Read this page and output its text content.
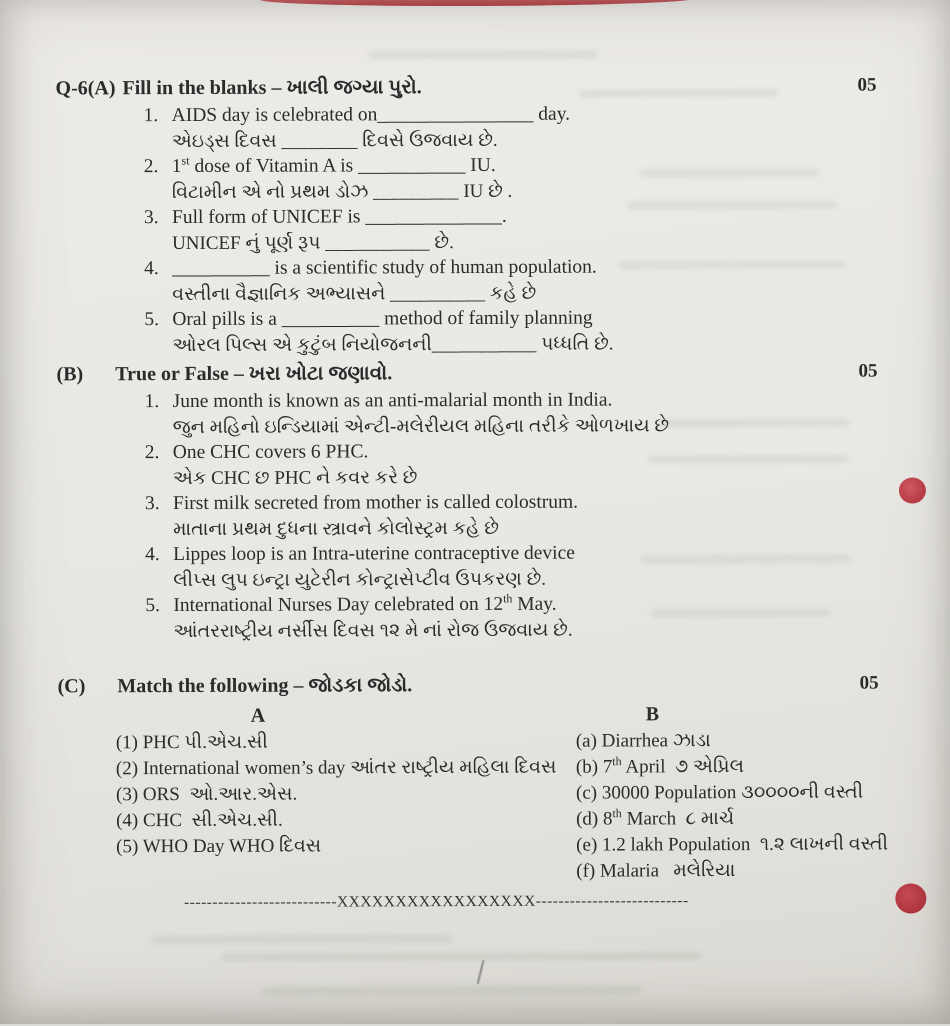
Q-6(A) Fill in the blanks – ખાલી જગ્યા પુરો.	05
1. AIDS day is celebrated on________________ day.
એઇડ્સ દિવસ ________ દિવસે ઉજવાય છે.
2. 1st dose of Vitamin A is ___________ IU.
વિટામીન એ નો પ્રથમ ડોઝ _________ IU છે .
3. Full form of UNICEF is ______________.
UNICEF નું પૂર્ણ રૂપ ___________ છે.
4. __________ is a scientific study of human population.
વસ્તીના વૈજ્ઞાનિક અભ્યાસને __________ કહે છે
5. Oral pills is a __________ method of family planning
ઓરલ પિલ્સ એ કુટુંબ નિયોજનની___________ પધ્ધતિ છે.
(B) True or False – ખરા ખોટા જણાવો.	05
1. June month is known as an anti-malarial month in India.
જુન મહિનો ઇન્ડિયામાં એન્ટી-મલેરીયલ મહિના તરીકે ઓળખાય છે
2. One CHC covers 6 PHC.
એક CHC છ PHC ને કવર કરે છે
3. First milk secreted from mother is called colostrum.
માતાના પ્રથમ દુધના સ્ત્રાવને કોલોસ્ટ્રમ કહે છે
4. Lippes loop is an Intra-uterine contraceptive device
લીપ્સ લુપ ઇન્ટ્રા યુટેરીન કોન્ટ્રાસેપ્ટીવ ઉપકરણ છે.
5. International Nurses Day celebrated on 12th May.
આંતરરાષ્ટ્રીય નર્સીસ દિવસ ૧૨ મે નાં રોજ ઉજવાય છે.
(C) Match the following – જોડકા જોડો.	05
A	B
(1) PHC પી.એચ.સી
(2) International women’s day આંતર રાષ્ટ્રીય મહિલા દિવસ
(3) ORS  ઓ.આર.એસ.
(4) CHC  સી.એચ.સી.
(5) WHO Day WHO દિવસ
(a) Diarrhea ઝાડા
(b) 7th April  ૭ એપ્રિલ
(c) 30000 Population ૩૦૦૦૦ની વસ્તી
(d) 8th March  ૮ માર્ચ
(e) 1.2 lakh Population  ૧.૨ લાખની વસ્તી
(f) Malaria   મલેરિયા
---------------------------XXXXXXXXXXXXXXXXX---------------------------
